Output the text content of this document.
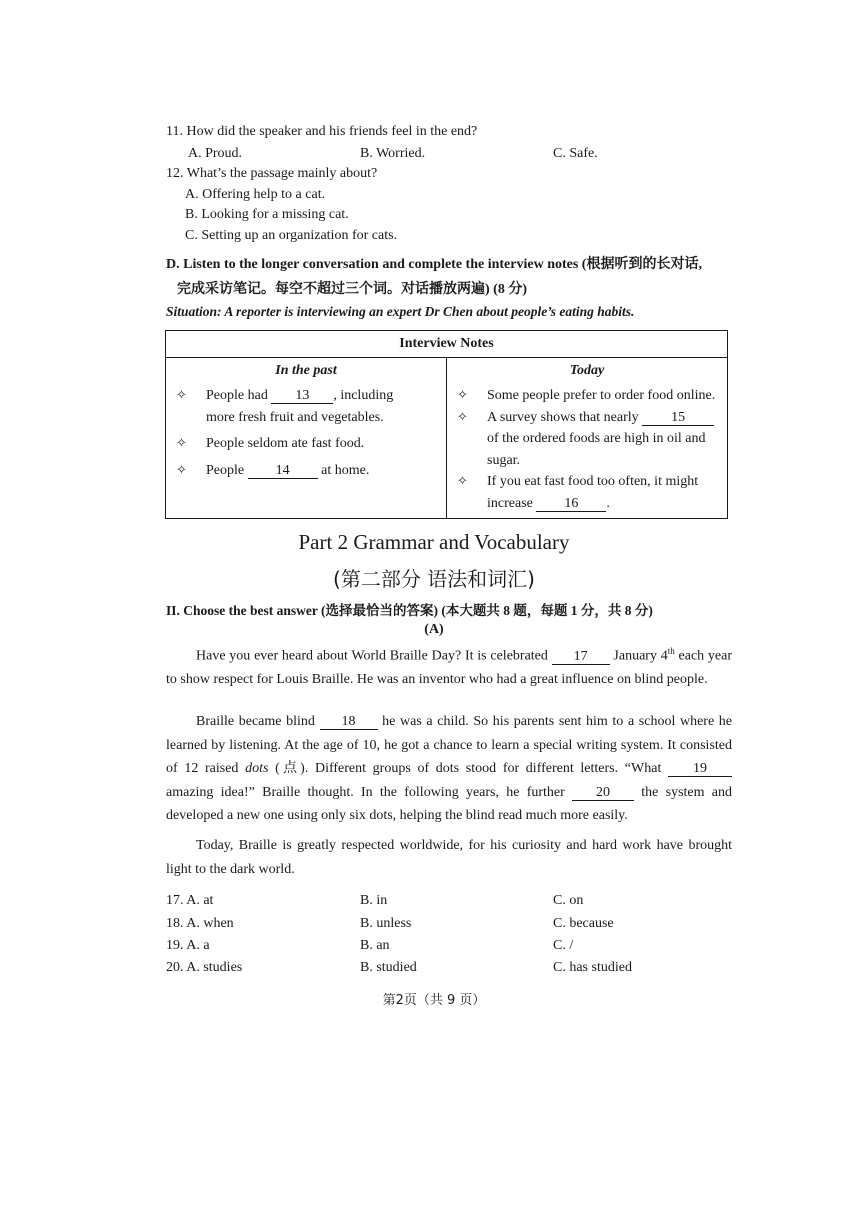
11. How did the speaker and his friends feel in the end?
A. Proud.	B. Worried.	C. Safe.
12. What’s the passage mainly about?
A. Offering help to a cat.
B. Looking for a missing cat.
C. Setting up an organization for cats.
D. Listen to the longer conversation and complete the interview notes (根据听到的长对话,
完成采访笔记。每空不超过三个词。对话播放两遍) (8 分)
Situation: A reporter is interviewing an expert Dr Chen about people’s eating habits.
Interview Notes

In the past
✧ People had 13 , including
more fresh fruit and vegetables.
✧ People seldom ate fast food.
✧ People 14 at home.

Today
✧ Some people prefer to order food online.
✧ A survey shows that nearly 15
of the ordered foods are high in oil and
sugar.
✧ If you eat fast food too often, it might
increase 16 .
Part 2 Grammar and Vocabulary
(第二部分 语法和词汇)
II. Choose the best answer (选择最恰当的答案) (本大题共 8 题，每题 1 分，共 8 分)
(A)
Have you ever heard about World Braille Day? It is celebrated 17 January 4th each year to show respect for Louis Braille. He was an inventor who had a great influence on blind people.
Braille became blind 18 he was a child. So his parents sent him to a school where he learned by listening. At the age of 10, he got a chance to learn a special writing system. It consisted of 12 raised dots (点). Different groups of dots stood for different letters. “What 19 amazing idea!” Braille thought. In the following years, he further 20 the system and developed a new one using only six dots, helping the blind read much more easily.
Today, Braille is greatly respected worldwide, for his curiosity and hard work have brought light to the dark world.
17. A. at	B. in	C. on
18. A. when	B. unless	C. because
19. A. a	B. an	C. /
20. A. studies	B. studied	C. has studied
第2页（共 9 页）
